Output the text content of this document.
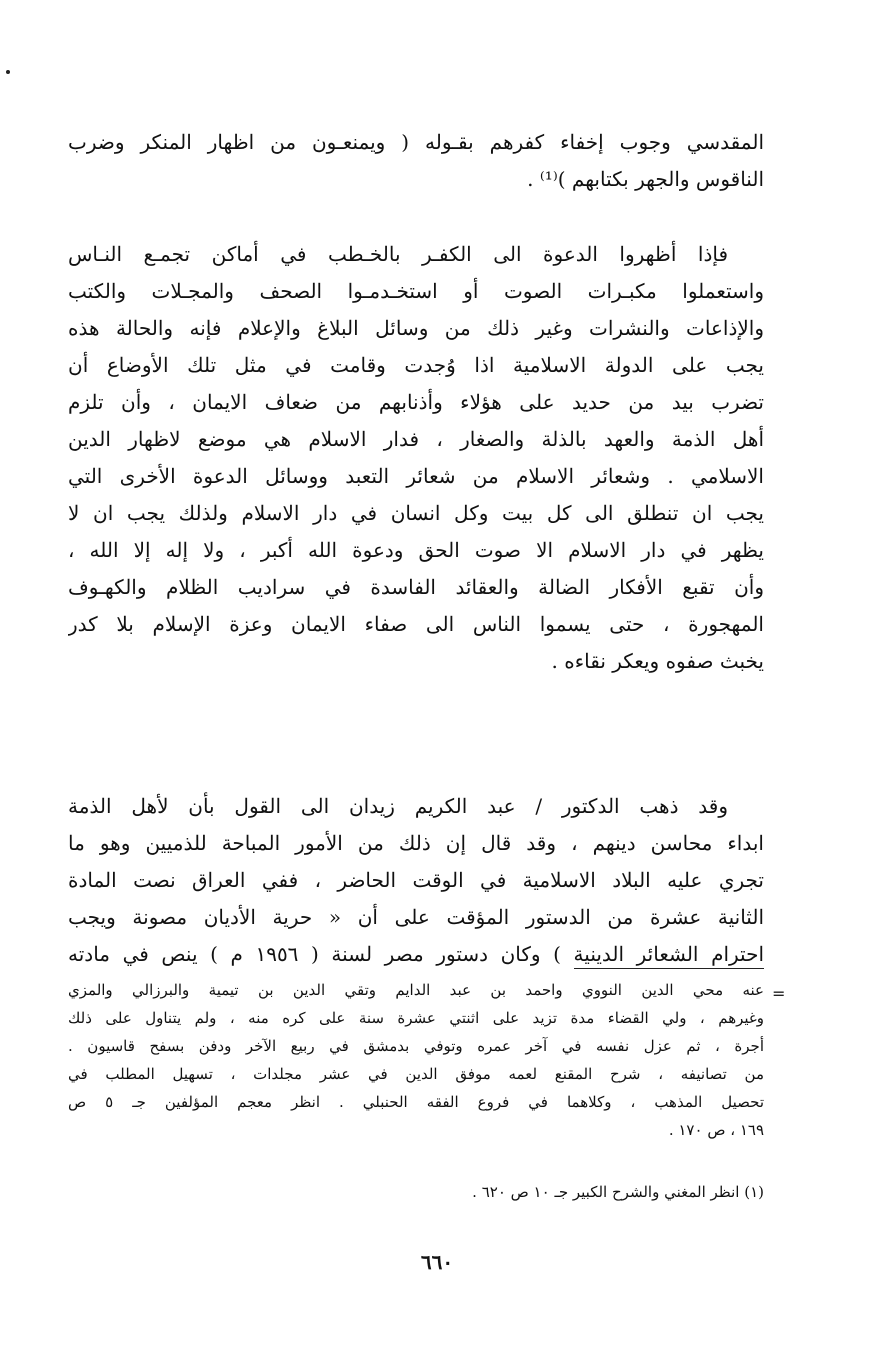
المقدسي وجوب إخفاء كفرهم بقـوله ( ويمنعـون من اظهار المنكر وضرب
الناقوس والجهر بكتابهم )⁽¹⁾ .
فإذا أظهروا الدعوة الى الكفـر بالخـطب في أماكن تجمـع النـاس
واستعملوا مكبـرات الصوت أو استخـدمـوا الصحف والمجـلات والكتب
والإذاعات والنشرات وغير ذلك من وسائل البلاغ والإعلام فإنه والحالة هذه
يجب على الدولة الاسلامية اذا وُجدت وقامت في مثل تلك الأوضاع أن
تضرب بيد من حديد على هؤلاء وأذنابهم من ضعاف الايمان ، وأن تلزم
أهل الذمة والعهد بالذلة والصغار ، فدار الاسلام هي موضع لاظهار الدين
الاسلامي . وشعائر الاسلام من شعائر التعبد ووسائل الدعوة الأخرى التي
يجب ان تنطلق الى كل بيت وكل انسان في دار الاسلام ولذلك يجب ان لا
يظهر في دار الاسلام الا صوت الحق ودعوة الله أكبر ، ولا إله إلا الله ،
وأن تقبع الأفكار الضالة والعقائد الفاسدة في سراديب الظلام والكهـوف
المهجورة ، حتى يسموا الناس الى صفاء الايمان وعزة الإسلام بلا كدر
يخبث صفوه ويعكر نقاءه .
وقد ذهب الدكتور / عبد الكريم زيدان الى القول بأن لأهل الذمة
ابداء محاسن دينهم ، وقد قال إن ذلك من الأمور المباحة للذميين وهو ما
تجري عليه البلاد الاسلامية في الوقت الحاضر ، ففي العراق نصت المادة
الثانية عشرة من الدستور المؤقت على أن « حرية الأديان مصونة ويجب
احترام الشعائر الدينية ) وكان دستور مصر لسنة ( ١٩٥٦ م ) ينص في مادته
=
عنه محي الدين النووي واحمد بن عبد الدايم وتقي الدين بن تيمية والبرزالي والمزي
وغيرهم ، ولي القضاء مدة تزيد على اثنتي عشرة سنة على كره منه ، ولم يتناول على ذلك
أجرة ، ثم عزل نفسه في آخر عمره وتوفي بدمشق في ربيع الآخر ودفن بسفح قاسيون .
من تصانيفه ، شرح المقنع لعمه موفق الدين في عشر مجلدات ، تسهيل المطلب في
تحصيل المذهب ، وكلاهما في فروع الفقه الحنبلي . انظر معجم المؤلفين جـ ٥ ص
١٦٩ ، ص ١٧٠ .
(١) انظر المغني والشرح الكبير جـ ١٠ ص ٦٢٠ .
٦٦٠
